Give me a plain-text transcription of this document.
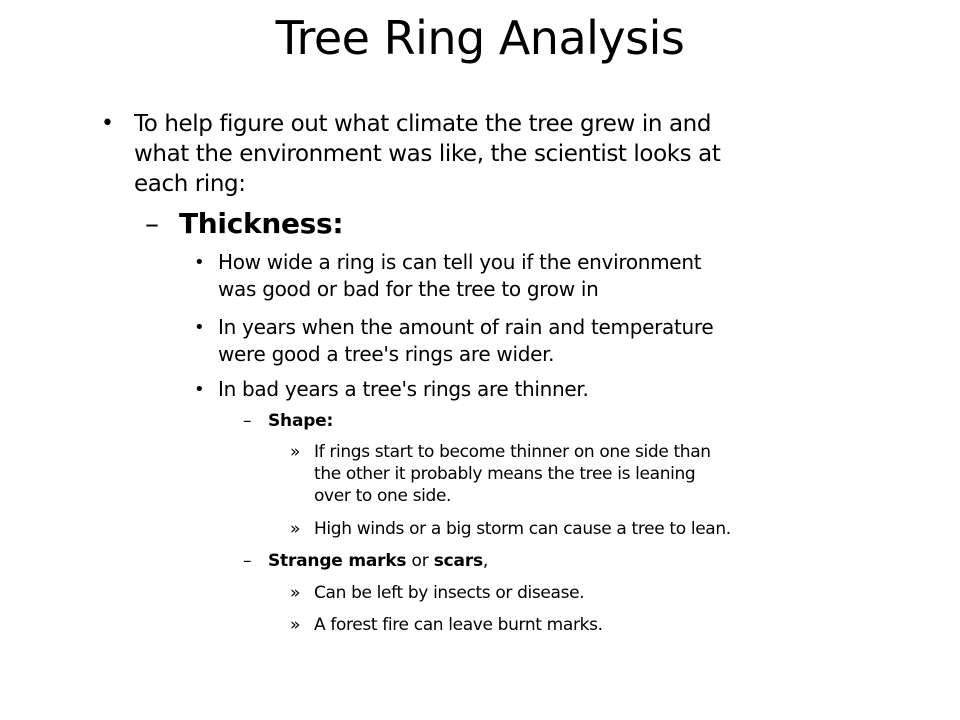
Tree Ring Analysis
• To help figure out what climate the tree grew in and
what the environment was like, the scientist looks at
each ring:
– Thickness:
• How wide a ring is can tell you if the environment
was good or bad for the tree to grow in
• In years when the amount of rain and temperature
were good a tree's rings are wider.
• In bad years a tree's rings are thinner.
– Shape:
» If rings start to become thinner on one side than
the other it probably means the tree is leaning
over to one side.
» High winds or a big storm can cause a tree to lean.
– Strange marks or scars,
» Can be left by insects or disease.
» A forest fire can leave burnt marks.
